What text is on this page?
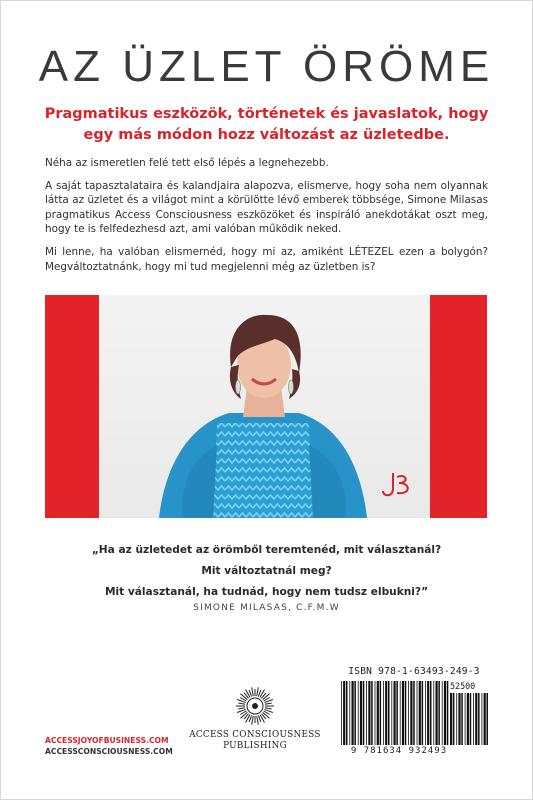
AZ ÜZLET ÖRÖME
Pragmatikus eszközök, történetek és javaslatok, hogy
egy más módon hozz változást az üzletedbe.

Néha az ismeretlen felé tett első lépés a legnehezebb.

A saját tapasztalataira és kalandjaira alapozva, elismerve, hogy soha nem olyannak látta az üzletet és a világot mint a körülötte lévő emberek többsége, Simone Milasas pragmatikus Access Consciousness eszközöket és inspiráló anekdotákat oszt meg, hogy te is felfedezhesd azt, ami valóban működik neked.

Mi lenne, ha valóban elismernéd, hogy mi az, amiként LÉTEZEL ezen a bolygón? Megváltoztatnánk, hogy mi tud megjelenni még az üzletben is?

„Ha az üzletedet az örömből teremtenéd, mit választanál?
Mit változtatnál meg?
Mit választanál, ha tudnád, hogy nem tudsz elbukni?”
SIMONE MILASAS, C.F.M.W
ACCESS CONSCIOUSNESS
PUBLISHING
ACCESSJOYOFBUSINESS.COM
ACCESSCONSCIOUSNESS.COM
ISBN 978-1-63493-249-3
52500
9 781634 932493
